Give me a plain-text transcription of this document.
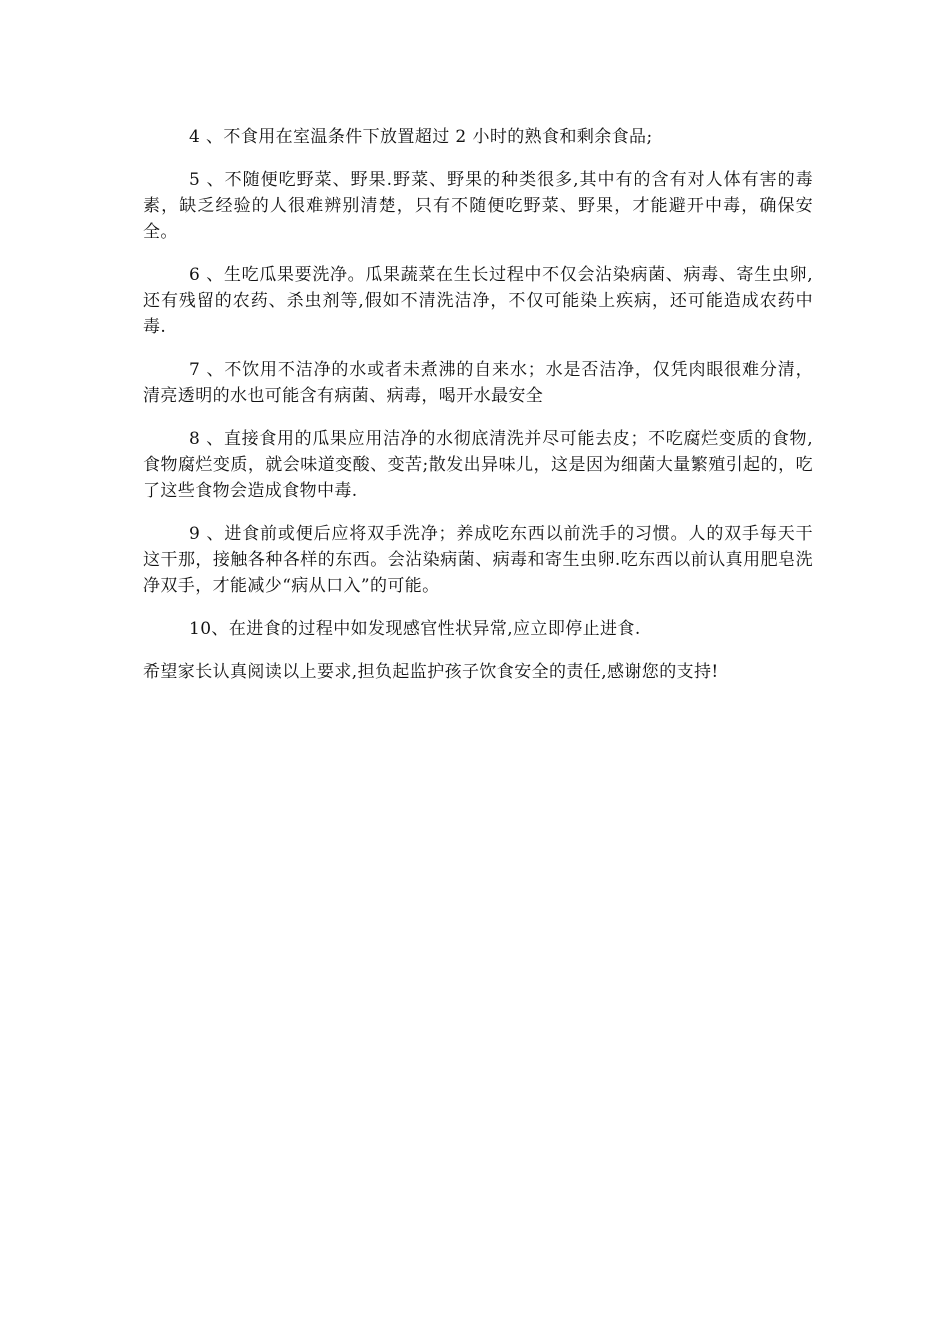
4 、不食用在室温条件下放置超过 2 小时的熟食和剩余食品;

5 、不随便吃野菜、野果.野菜、野果的种类很多,其中有的含有对人体有害的毒素，缺乏经验的人很难辨别清楚，只有不随便吃野菜、野果，才能避开中毒，确保安全。

6 、生吃瓜果要洗净。瓜果蔬菜在生长过程中不仅会沾染病菌、病毒、寄生虫卵,还有残留的农药、杀虫剂等,假如不清洗洁净，不仅可能染上疾病，还可能造成农药中毒.

7 、不饮用不洁净的水或者未煮沸的自来水；水是否洁净，仅凭肉眼很难分清，清亮透明的水也可能含有病菌、病毒，喝开水最安全

8 、直接食用的瓜果应用洁净的水彻底清洗并尽可能去皮；不吃腐烂变质的食物,食物腐烂变质，就会味道变酸、变苦;散发出异味儿，这是因为细菌大量繁殖引起的，吃了这些食物会造成食物中毒.

9 、进食前或便后应将双手洗净；养成吃东西以前洗手的习惯。人的双手每天干这干那，接触各种各样的东西。会沾染病菌、病毒和寄生虫卵.吃东西以前认真用肥皂洗净双手，才能减少“病从口入”的可能。

10、在进食的过程中如发现感官性状异常,应立即停止进食.

希望家长认真阅读以上要求,担负起监护孩子饮食安全的责任,感谢您的支持!
